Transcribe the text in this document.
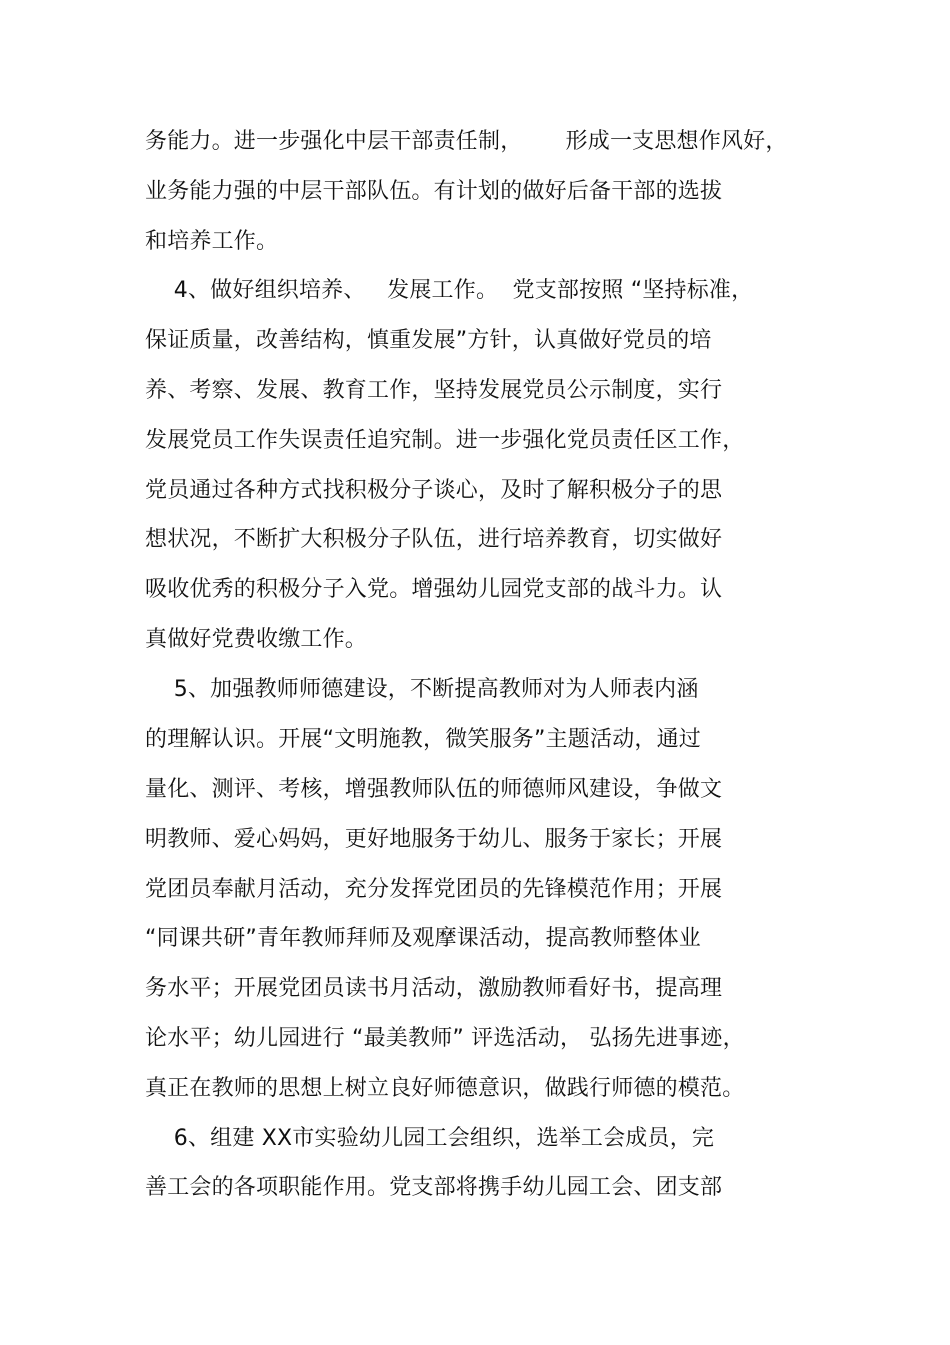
务能力。进一步强化中层干部责任制，      形成一支思想作风好，
业务能力强的中层干部队伍。有计划的做好后备干部的选拔
和培养工作。
4、做好组织培养、   发展工作。  党支部按照 “坚持标准，
保证质量，改善结构，慎重发展”方针，认真做好党员的培
养、考察、发展、教育工作，坚持发展党员公示制度，实行
发展党员工作失误责任追究制。进一步强化党员责任区工作，
党员通过各种方式找积极分子谈心，及时了解积极分子的思
想状况，不断扩大积极分子队伍，进行培养教育，切实做好
吸收优秀的积极分子入党。增强幼儿园党支部的战斗力。认
真做好党费收缴工作。
5、加强教师师德建设，不断提高教师对为人师表内涵
的理解认识。开展“文明施教，微笑服务”主题活动，通过
量化、测评、考核，增强教师队伍的师德师风建设，争做文
明教师、爱心妈妈，更好地服务于幼儿、服务于家长；开展
党团员奉献月活动，充分发挥党团员的先锋模范作用；开展
“同课共研”青年教师拜师及观摩课活动，提高教师整体业
务水平；开展党团员读书月活动，激励教师看好书，提高理
论水平；幼儿园进行 “最美教师” 评选活动， 弘扬先进事迹，
真正在教师的思想上树立良好师德意识，做践行师德的模范。
6、组建 XX市实验幼儿园工会组织，选举工会成员，完
善工会的各项职能作用。党支部将携手幼儿园工会、团支部
